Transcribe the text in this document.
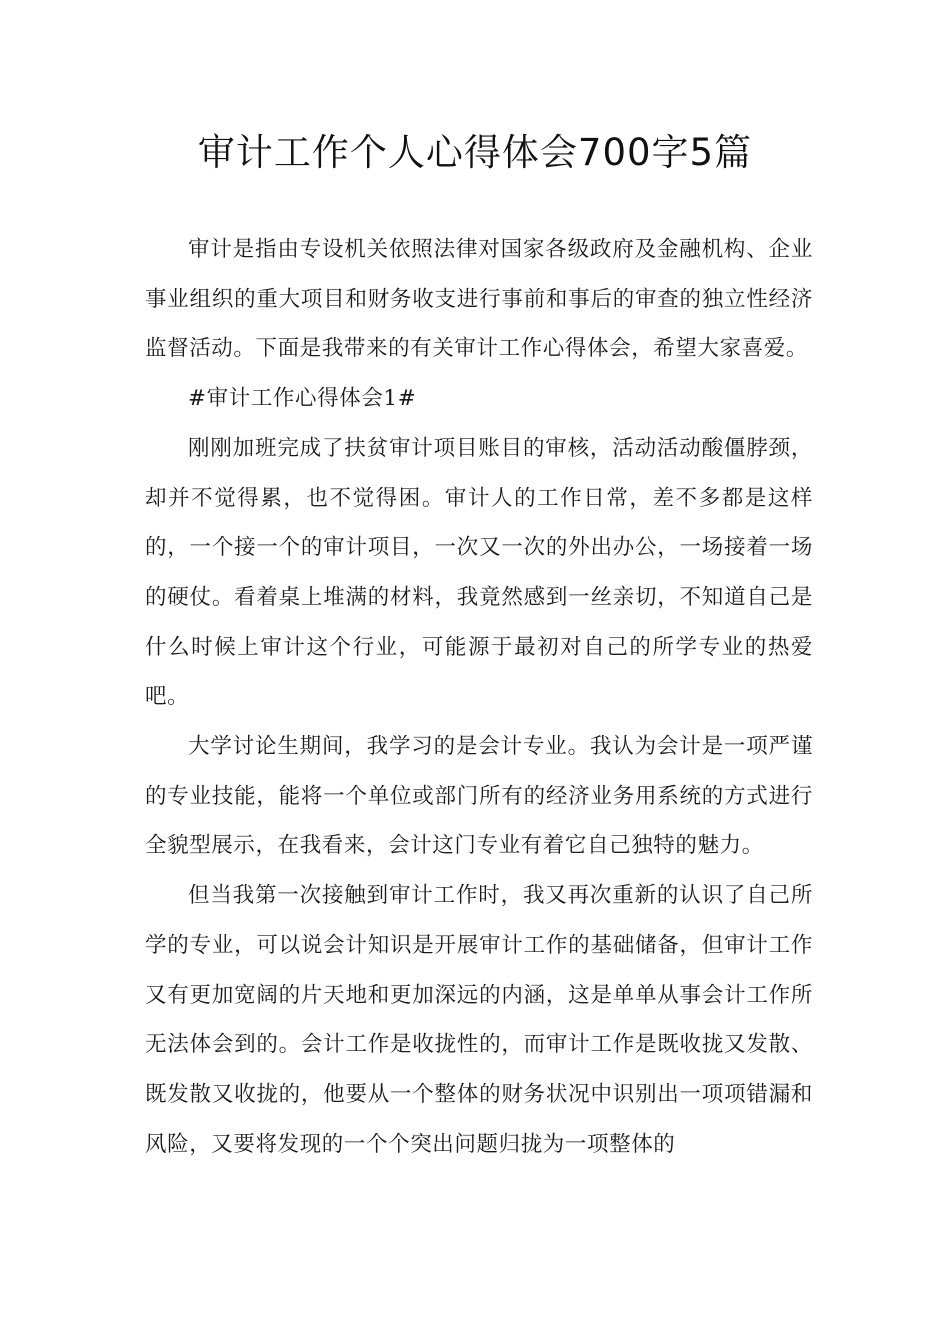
审计工作个人心得体会700字5篇

审计是指由专设机关依照法律对国家各级政府及金融机构、企业事业组织的重大项目和财务收支进行事前和事后的审查的独立性经济监督活动。下面是我带来的有关审计工作心得体会，希望大家喜爱。

#审计工作心得体会1#

刚刚加班完成了扶贫审计项目账目的审核，活动活动酸僵脖颈，却并不觉得累，也不觉得困。审计人的工作日常，差不多都是这样的，一个接一个的审计项目，一次又一次的外出办公，一场接着一场的硬仗。看着桌上堆满的材料，我竟然感到一丝亲切，不知道自己是什么时候上审计这个行业，可能源于最初对自己的所学专业的热爱吧。

大学讨论生期间，我学习的是会计专业。我认为会计是一项严谨的专业技能，能将一个单位或部门所有的经济业务用系统的方式进行全貌型展示，在我看来，会计这门专业有着它自己独特的魅力。

但当我第一次接触到审计工作时，我又再次重新的认识了自己所学的专业，可以说会计知识是开展审计工作的基础储备，但审计工作又有更加宽阔的片天地和更加深远的内涵，这是单单从事会计工作所无法体会到的。会计工作是收拢性的，而审计工作是既收拢又发散、既发散又收拢的，他要从一个整体的财务状况中识别出一项项错漏和风险，又要将发现的一个个突出问题归拢为一项整体的
